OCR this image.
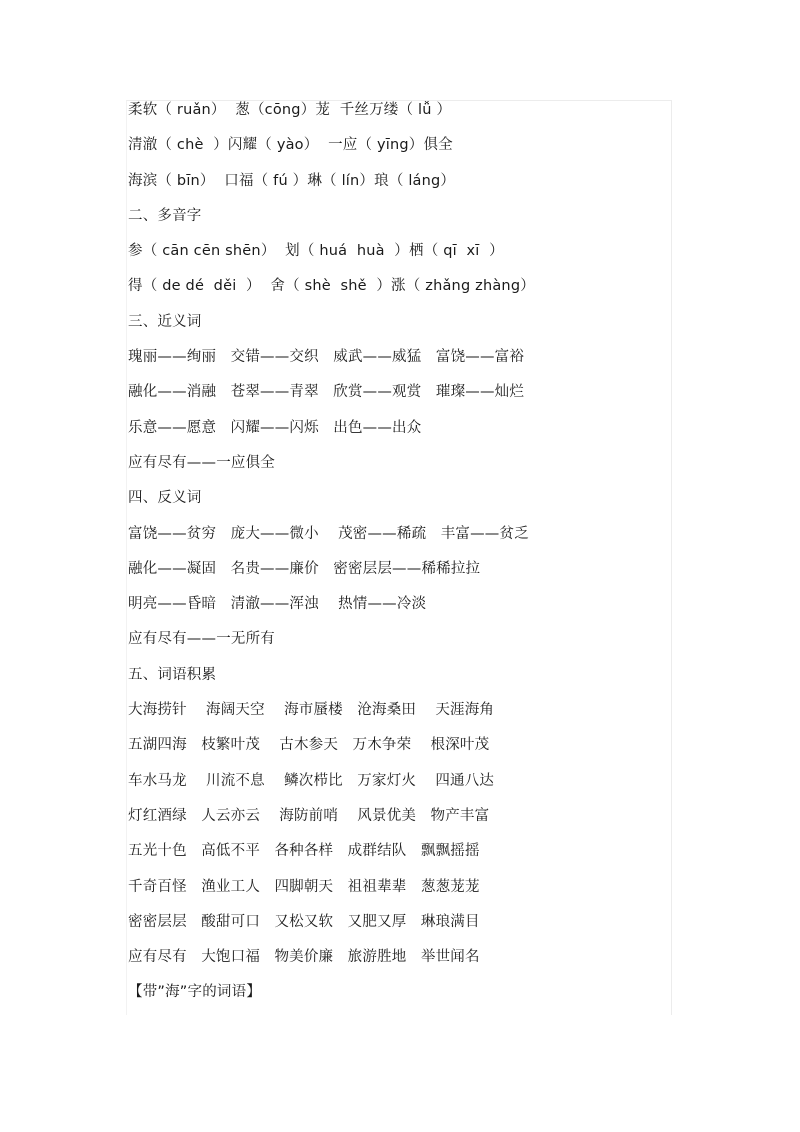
柔软（ ruǎn）  葱（cōng）茏  千丝万缕（ lǚ ）
清澈（ chè  ）闪耀（ yào）  一应（ yīng）俱全
海滨（ bīn）  口福（ fú ）琳（ lín）琅（ láng）
二、多音字
参（ cān cēn shēn）  划（ huá  huà  ）栖（ qī  xī  ）
得（ de dé  děi  ）  舍（ shè  shě  ）涨（ zhǎng zhàng）
三、近义词
瑰丽——绚丽   交错——交织   威武——威猛   富饶——富裕
融化——消融   苍翠——青翠   欣赏——观赏   璀璨——灿烂
乐意——愿意   闪耀——闪烁   出色——出众
应有尽有——一应俱全
四、反义词
富饶——贫穷   庞大——微小    茂密——稀疏   丰富——贫乏
融化——凝固   名贵——廉价   密密层层——稀稀拉拉
明亮——昏暗   清澈——浑浊    热情——冷淡
应有尽有——一无所有
五、词语积累
大海捞针    海阔天空    海市蜃楼   沧海桑田    天涯海角
五湖四海   枝繁叶茂    古木参天   万木争荣    根深叶茂
车水马龙    川流不息    鳞次栉比   万家灯火    四通八达
灯红酒绿   人云亦云    海防前哨    风景优美   物产丰富
五光十色   高低不平   各种各样   成群结队   飘飘摇摇
千奇百怪   渔业工人   四脚朝天   祖祖辈辈   葱葱茏茏
密密层层   酸甜可口   又松又软   又肥又厚   琳琅满目
应有尽有   大饱口福   物美价廉   旅游胜地   举世闻名
【带”海”字的词语】
